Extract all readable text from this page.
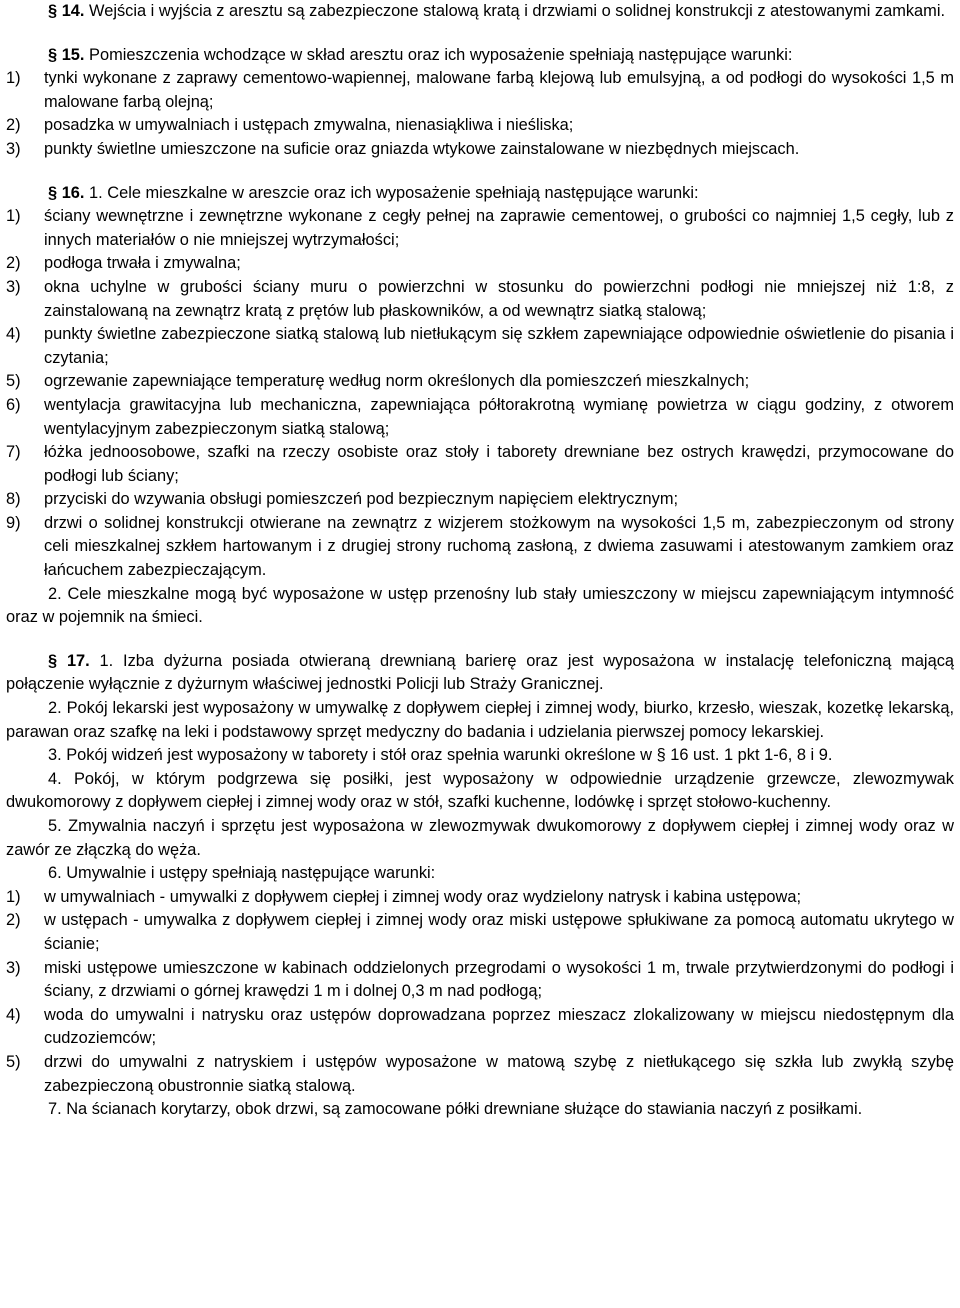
§ 14. Wejścia i wyjścia z aresztu są zabezpieczone stalową kratą i drzwiami o solidnej konstrukcji z atestowanymi zamkami.

§ 15. Pomieszczenia wchodzące w skład aresztu oraz ich wyposażenie spełniają następujące warunki:

1)	tynki wykonane z zaprawy cementowo-wapiennej, malowane farbą klejową lub emulsyjną, a od podłogi do wysokości 1,5 m malowane farbą olejną;
2)	posadzka w umywalniach i ustępach zmywalna, nienasiąkliwa i nieśliska;
3)	punkty świetlne umieszczone na suficie oraz gniazda wtykowe zainstalowane w niezbędnych miejscach.

§ 16. 1. Cele mieszkalne w areszcie oraz ich wyposażenie spełniają następujące warunki:

1)	ściany wewnętrzne i zewnętrzne wykonane z cegły pełnej na zaprawie cementowej, o grubości co najmniej 1,5 cegły, lub z innych materiałów o nie mniejszej wytrzymałości;
2)	podłoga trwała i zmywalna;
3)	okna uchylne w grubości ściany muru o powierzchni w stosunku do powierzchni podłogi nie mniejszej niż 1:8, z zainstalowaną na zewnątrz kratą z prętów lub płaskowników, a od wewnątrz siatką stalową;
4)	punkty świetlne zabezpieczone siatką stalową lub nietłukącym się szkłem zapewniające odpowiednie oświetlenie do pisania i czytania;
5)	ogrzewanie zapewniające temperaturę według norm określonych dla pomieszczeń mieszkalnych;
6)	wentylacja grawitacyjna lub mechaniczna, zapewniająca półtorakrotną wymianę powietrza w ciągu godziny, z otworem wentylacyjnym zabezpieczonym siatką stalową;
7)	łóżka jednoosobowe, szafki na rzeczy osobiste oraz stoły i taborety drewniane bez ostrych krawędzi, przymocowane do podłogi lub ściany;
8)	przyciski do wzywania obsługi pomieszczeń pod bezpiecznym napięciem elektrycznym;
9)	drzwi o solidnej konstrukcji otwierane na zewnątrz z wizjerem stożkowym na wysokości 1,5 m, zabezpieczonym od strony celi mieszkalnej szkłem hartowanym i z drugiej strony ruchomą zasłoną, z dwiema zasuwami i atestowanym zamkiem oraz łańcuchem zabezpieczającym.

2. Cele mieszkalne mogą być wyposażone w ustęp przenośny lub stały umieszczony w miejscu zapewniającym intymność oraz w pojemnik na śmieci.

§ 17. 1. Izba dyżurna posiada otwieraną drewnianą barierę oraz jest wyposażona w instalację telefoniczną mającą połączenie wyłącznie z dyżurnym właściwej jednostki Policji lub Straży Granicznej.

2. Pokój lekarski jest wyposażony w umywalkę z dopływem ciepłej i zimnej wody, biurko, krzesło, wieszak, kozetkę lekarską, parawan oraz szafkę na leki i podstawowy sprzęt medyczny do badania i udzielania pierwszej pomocy lekarskiej.

3. Pokój widzeń jest wyposażony w taborety i stół oraz spełnia warunki określone w § 16 ust. 1 pkt 1-6, 8 i 9.

4. Pokój, w którym podgrzewa się posiłki, jest wyposażony w odpowiednie urządzenie grzewcze, zlewozmywak dwukomorowy z dopływem ciepłej i zimnej wody oraz w stół, szafki kuchenne, lodówkę i sprzęt stołowo-kuchenny.

5. Zmywalnia naczyń i sprzętu jest wyposażona w zlewozmywak dwukomorowy z dopływem ciepłej i zimnej wody oraz w zawór ze złączką do węża.

6. Umywalnie i ustępy spełniają następujące warunki:

1)	w umywalniach - umywalki z dopływem ciepłej i zimnej wody oraz wydzielony natrysk i kabina ustępowa;
2)	w ustępach - umywalka z dopływem ciepłej i zimnej wody oraz miski ustępowe spłukiwane za pomocą automatu ukrytego w ścianie;
3)	miski ustępowe umieszczone w kabinach oddzielonych przegrodami o wysokości 1 m, trwale przytwierdzonymi do podłogi i ściany, z drzwiami o górnej krawędzi 1 m i dolnej 0,3 m nad podłogą;
4)	woda do umywalni i natrysku oraz ustępów doprowadzana poprzez mieszacz zlokalizowany w miejscu niedostępnym dla cudzoziemców;
5)	drzwi do umywalni z natryskiem i ustępów wyposażone w matową szybę z nietłukącego się szkła lub zwykłą szybę zabezpieczoną obustronnie siatką stalową.

7. Na ścianach korytarzy, obok drzwi, są zamocowane półki drewniane służące do stawiania naczyń z posiłkami.
